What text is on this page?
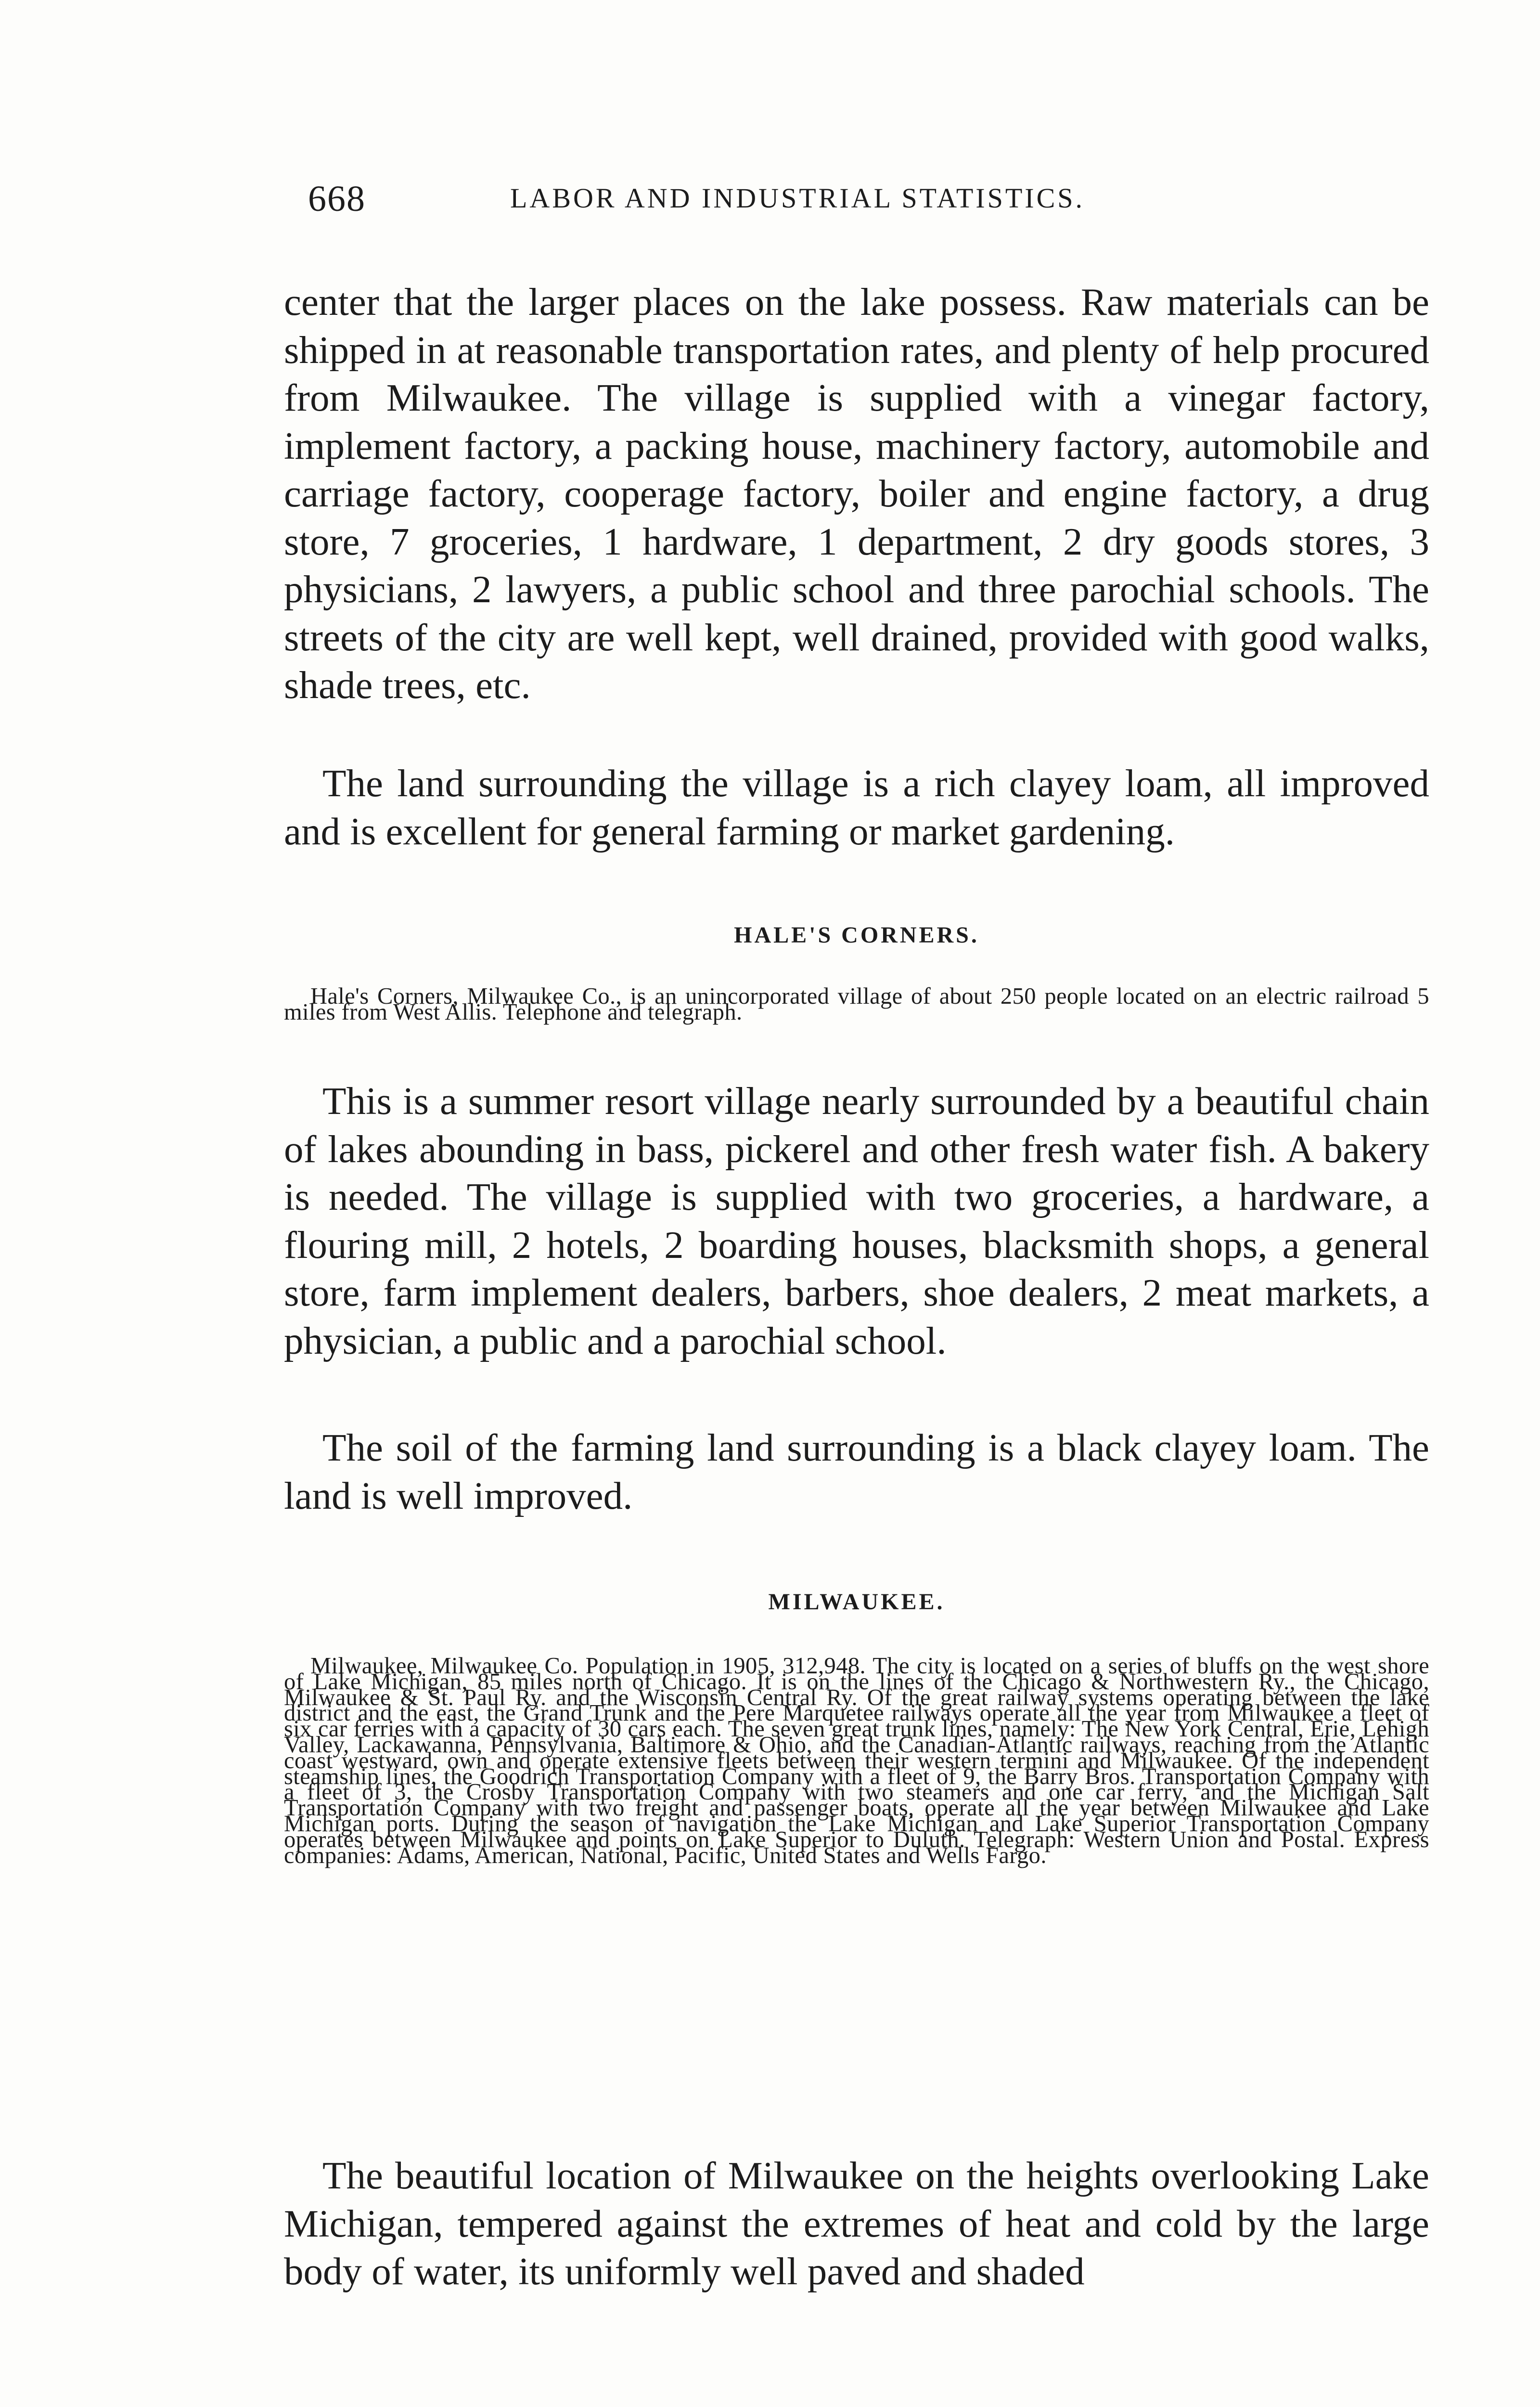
668	LABOR AND INDUSTRIAL STATISTICS.

center that the larger places on the lake possess. Raw materials can be shipped in at reasonable transportation rates, and plenty of help procured from Milwaukee. The village is supplied with a vinegar factory, implement factory, a packing house, machinery factory, automobile and carriage factory, cooperage factory, boiler and engine factory, a drug store, 7 groceries, 1 hardware, 1 department, 2 dry goods stores, 3 physicians, 2 lawyers, a public school and three parochial schools. The streets of the city are well kept, well drained, provided with good walks, shade trees, etc.

The land surrounding the village is a rich clayey loam, all improved and is excellent for general farming or market gardening.

HALE'S CORNERS.

Hale's Corners, Milwaukee Co., is an unincorporated village of about 250 people located on an electric railroad 5 miles from West Allis. Telephone and telegraph.

This is a summer resort village nearly surrounded by a beautiful chain of lakes abounding in bass, pickerel and other fresh water fish. A bakery is needed. The village is supplied with two groceries, a hardware, a flouring mill, 2 hotels, 2 boarding houses, blacksmith shops, a general store, farm implement dealers, barbers, shoe dealers, 2 meat markets, a physician, a public and a parochial school.

The soil of the farming land surrounding is a black clayey loam. The land is well improved.

MILWAUKEE.

Milwaukee, Milwaukee Co. Population in 1905, 312,948. The city is located on a series of bluffs on the west shore of Lake Michigan, 85 miles north of Chicago. It is on the lines of the Chicago & Northwestern Ry., the Chicago, Milwaukee & St. Paul Ry. and the Wisconsin Central Ry. Of the great railway systems operating between the lake district and the east, the Grand Trunk and the Pere Marquetee railways operate all the year from Milwaukee a fleet of six car ferries with a capacity of 30 cars each. The seven great trunk lines, namely: The New York Central, Erie, Lehigh Valley, Lackawanna, Pennsylvania, Baltimore & Ohio, and the Canadian-Atlantic railways, reaching from the Atlantic coast westward, own and operate extensive fleets between their western termini and Milwaukee. Of the independent steamship lines, the Goodrich Transportation Company with a fleet of 9, the Barry Bros. Transportation Company with a fleet of 3, the Crosby Transportation Company with two steamers and one car ferry, and the Michigan Salt Transportation Company with two freight and passenger boats, operate all the year between Milwaukee and Lake Michigan ports. During the season of navigation the Lake Michigan and Lake Superior Transportation Company operates between Milwaukee and points on Lake Superior to Duluth. Telegraph: Western Union and Postal. Express companies: Adams, American, National, Pacific, United States and Wells Fargo.

The beautiful location of Milwaukee on the heights overlooking Lake Michigan, tempered against the extremes of heat and cold by the large body of water, its uniformly well paved and shaded
